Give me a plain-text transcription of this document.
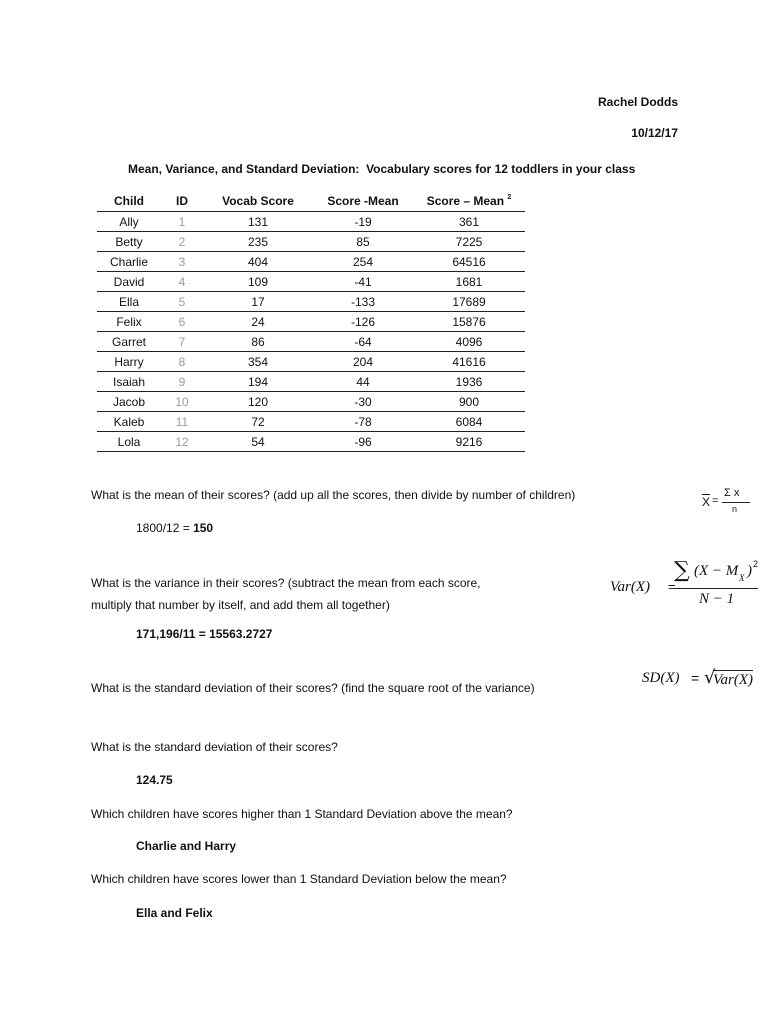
Rachel Dodds
10/12/17
Mean, Variance, and Standard Deviation:  Vocabulary scores for 12 toddlers in your class
Child	ID	Vocab Score	Score -Mean	Score – Mean $^2$
Ally	1	131	-19	361
Betty	2	235	85	7225
Charlie	3	404	254	64516
David	4	109	-41	1681
Ella	5	17	-133	17689
Felix	6	24	-126	15876
Garret	7	86	-64	4096
Harry	8	354	204	41616
Isaiah	9	194	44	1936
Jacob	10	120	-30	900
Kaleb	11	72	-78	6084
Lola	12	54	-96	9216
What is the mean of their scores? (add up all the scores, then divide by number of children)
1800/12 = 150
What is the variance in their scores? (subtract the mean from each score,
multiply that number by itself, and add them all together)
171,196/11 = 15563.2727
What is the standard deviation of their scores? (find the square root of the variance)
What is the standard deviation of their scores?
124.75
Which children have scores higher than 1 Standard Deviation above the mean?
Charlie and Harry
Which children have scores lower than 1 Standard Deviation below the mean?
Ella and Felix
$\overline{X}$ =
Σ x
n
Var(X) =
∑ (X − M X ) 2
N − 1
SD(X) = √
Var(X)
